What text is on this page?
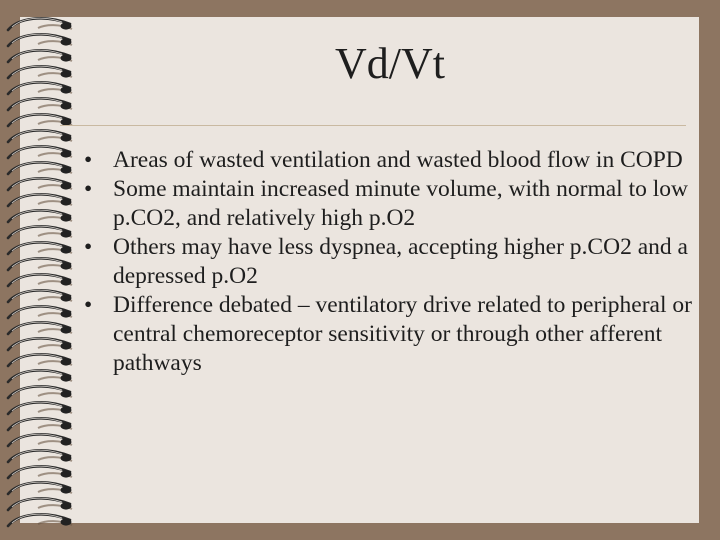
Vd/Vt
• Areas of wasted ventilation and wasted blood flow in COPD
• Some maintain increased minute volume, with normal to low p.CO2, and relatively high p.O2
• Others may have less dyspnea, accepting higher p.CO2 and a depressed p.O2
• Difference debated – ventilatory drive related to peripheral or central chemoreceptor sensitivity or through other afferent pathways
